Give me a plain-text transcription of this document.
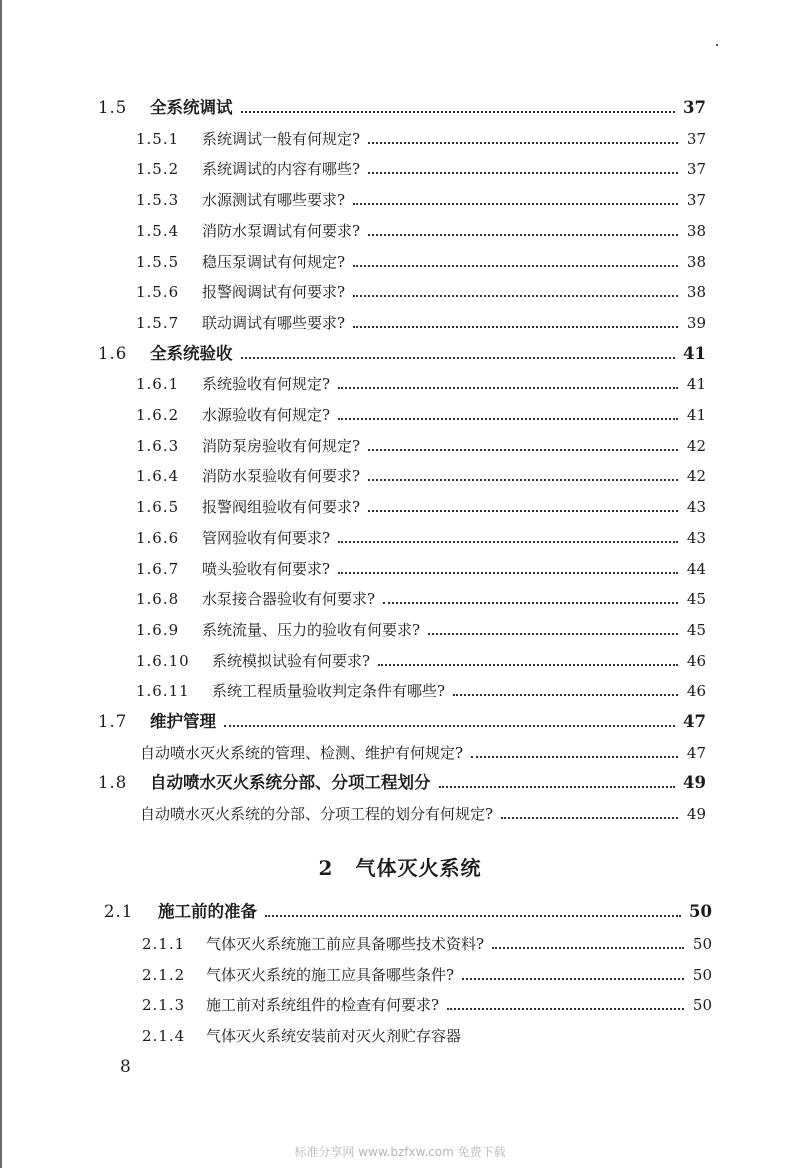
1.5	全系统调试	37
1.5.1	系统调试一般有何规定?	37
1.5.2	系统调试的内容有哪些?	37
1.5.3	水源测试有哪些要求?	37
1.5.4	消防水泵调试有何要求?	38
1.5.5	稳压泵调试有何规定?	38
1.5.6	报警阀调试有何要求?	38
1.5.7	联动调试有哪些要求?	39
1.6	全系统验收	41
1.6.1	系统验收有何规定?	41
1.6.2	水源验收有何规定?	41
1.6.3	消防泵房验收有何规定?	42
1.6.4	消防水泵验收有何要求?	42
1.6.5	报警阀组验收有何要求?	43
1.6.6	管网验收有何要求?	43
1.6.7	喷头验收有何要求?	44
1.6.8	水泵接合器验收有何要求?	45
1.6.9	系统流量、压力的验收有何要求?	45
1.6.10	系统模拟试验有何要求?	46
1.6.11	系统工程质量验收判定条件有哪些?	46
1.7	维护管理	47
自动喷水灭火系统的管理、检测、维护有何规定?	47
1.8	自动喷水灭火系统分部、分项工程划分	49
自动喷水灭火系统的分部、分项工程的划分有何规定?	49
2 气体灭火系统
2.1	施工前的准备	50
2.1.1	气体灭火系统施工前应具备哪些技术资料?	50
2.1.2	气体灭火系统的施工应具备哪些条件?	50
2.1.3	施工前对系统组件的检查有何要求?	50
2.1.4	气体灭火系统安装前对灭火剂贮存容器
8
标准分享网 www.bzfxw.com 免费下载
